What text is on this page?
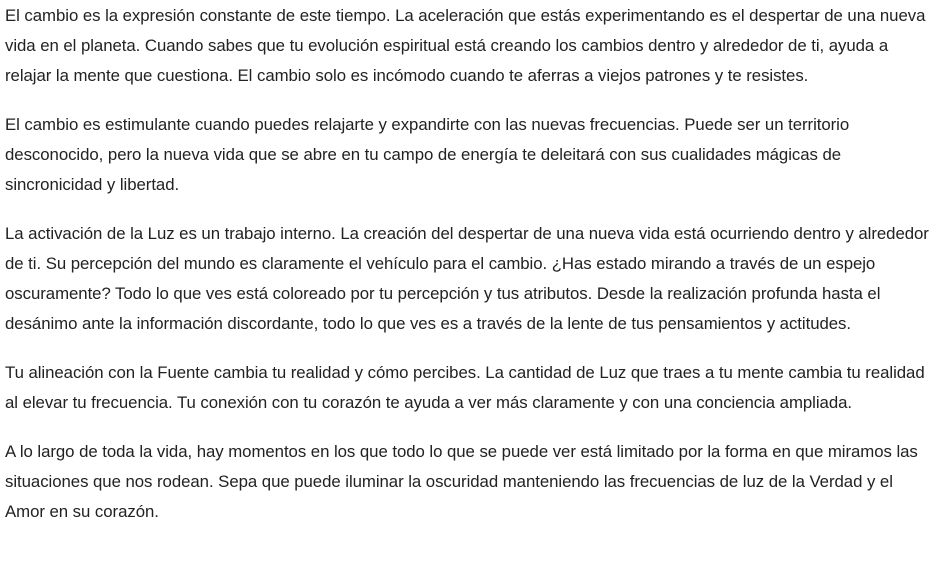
El cambio es la expresión constante de este tiempo. La aceleración que estás experimentando es el despertar de una nueva vida en el planeta. Cuando sabes que tu evolución espiritual está creando los cambios dentro y alrededor de ti, ayuda a relajar la mente que cuestiona. El cambio solo es incómodo cuando te aferras a viejos patrones y te resistes.

El cambio es estimulante cuando puedes relajarte y expandirte con las nuevas frecuencias. Puede ser un territorio desconocido, pero la nueva vida que se abre en tu campo de energía te deleitará con sus cualidades mágicas de sincronicidad y libertad.

La activación de la Luz es un trabajo interno. La creación del despertar de una nueva vida está ocurriendo dentro y alrededor de ti. Su percepción del mundo es claramente el vehículo para el cambio. ¿Has estado mirando a través de un espejo oscuramente? Todo lo que ves está coloreado por tu percepción y tus atributos. Desde la realización profunda hasta el desánimo ante la información discordante, todo lo que ves es a través de la lente de tus pensamientos y actitudes.

Tu alineación con la Fuente cambia tu realidad y cómo percibes. La cantidad de Luz que traes a tu mente cambia tu realidad al elevar tu frecuencia. Tu conexión con tu corazón te ayuda a ver más claramente y con una conciencia ampliada.

A lo largo de toda la vida, hay momentos en los que todo lo que se puede ver está limitado por la forma en que miramos las situaciones que nos rodean. Sepa que puede iluminar la oscuridad manteniendo las frecuencias de luz de la Verdad y el Amor en su corazón.
